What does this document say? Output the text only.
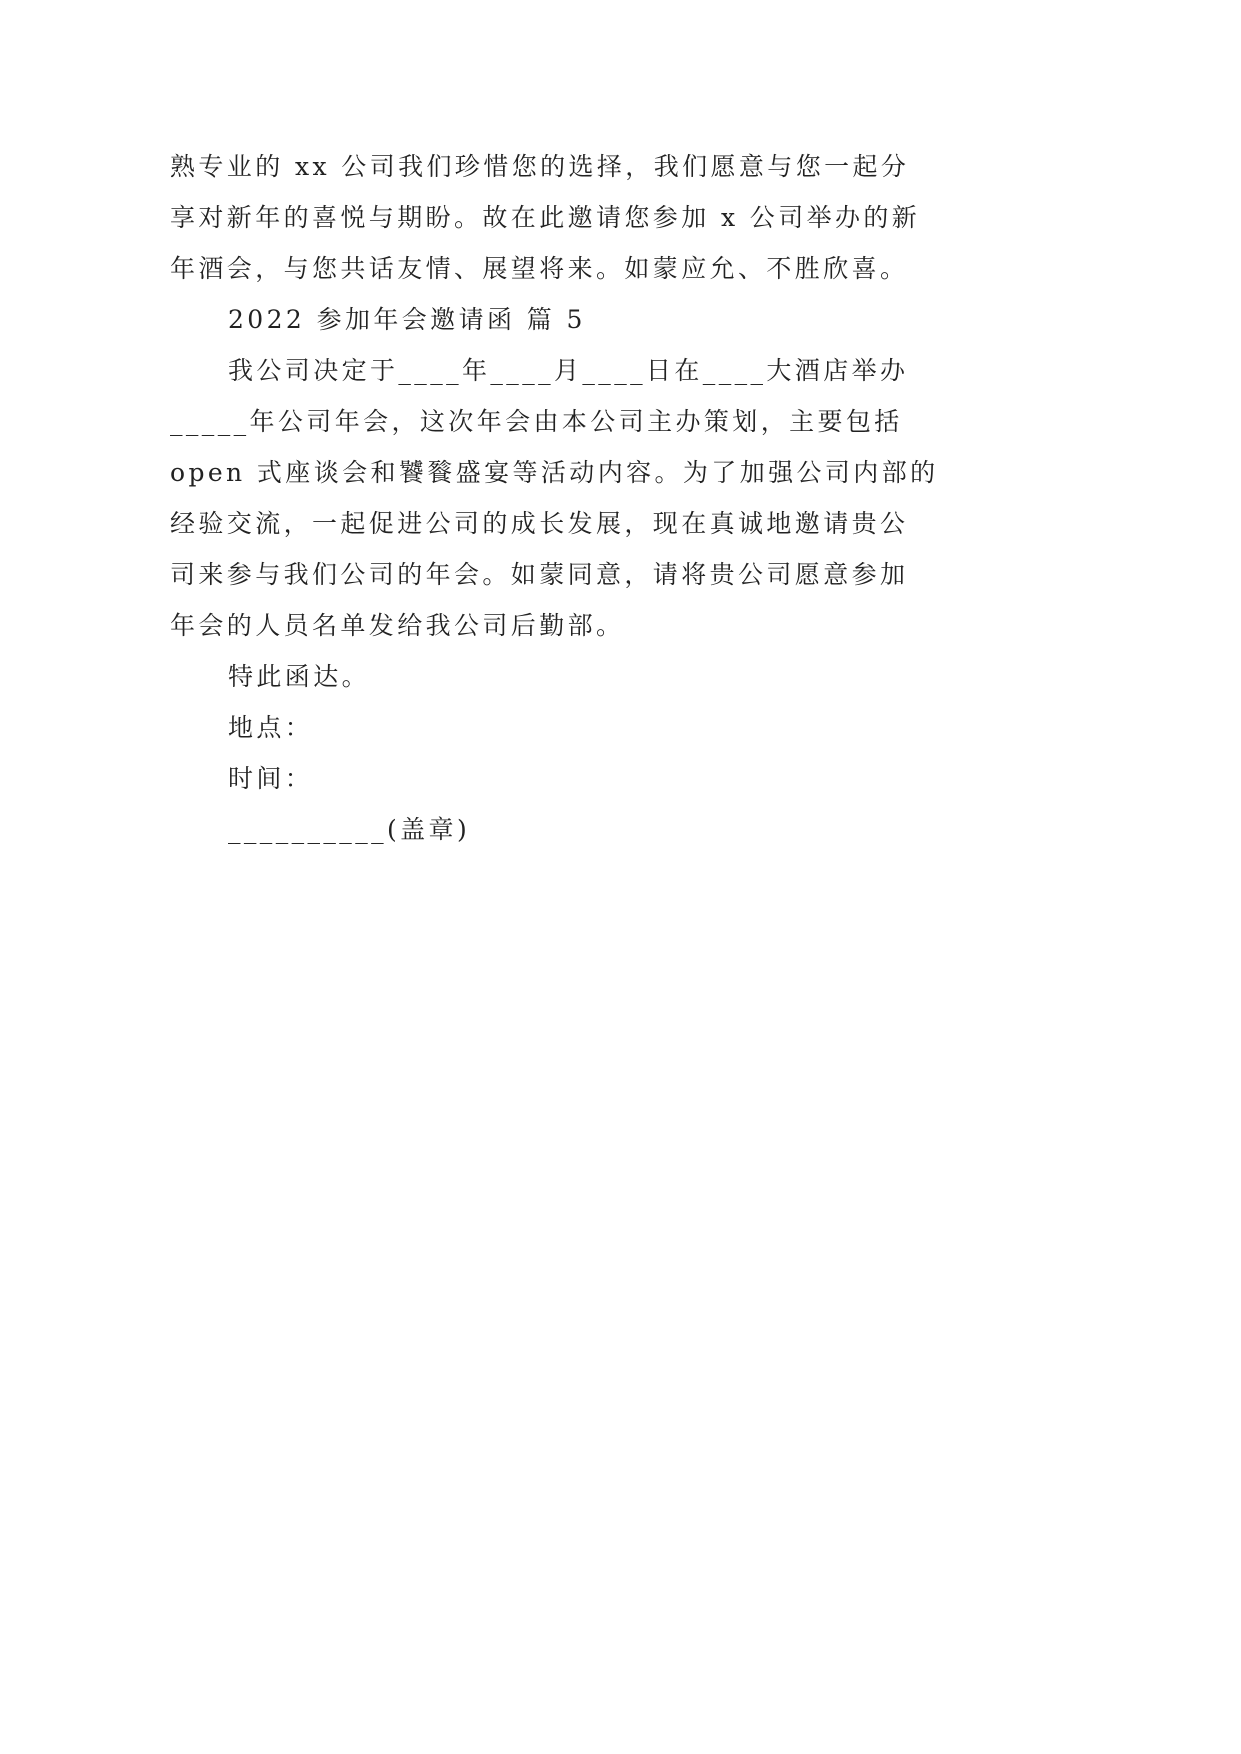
熟专业的 xx 公司我们珍惜您的选择，我们愿意与您一起分
享对新年的喜悦与期盼。故在此邀请您参加 x 公司举办的新
年酒会，与您共话友情、展望将来。如蒙应允、不胜欣喜。
2022 参加年会邀请函 篇 5
我公司决定于____年____月____日在____大酒店举办
_____年公司年会，这次年会由本公司主办策划，主要包括
open 式座谈会和饕餮盛宴等活动内容。为了加强公司内部的
经验交流，一起促进公司的成长发展，现在真诚地邀请贵公
司来参与我们公司的年会。如蒙同意，请将贵公司愿意参加
年会的人员名单发给我公司后勤部。
特此函达。
地点：
时间：
__________(盖章)
